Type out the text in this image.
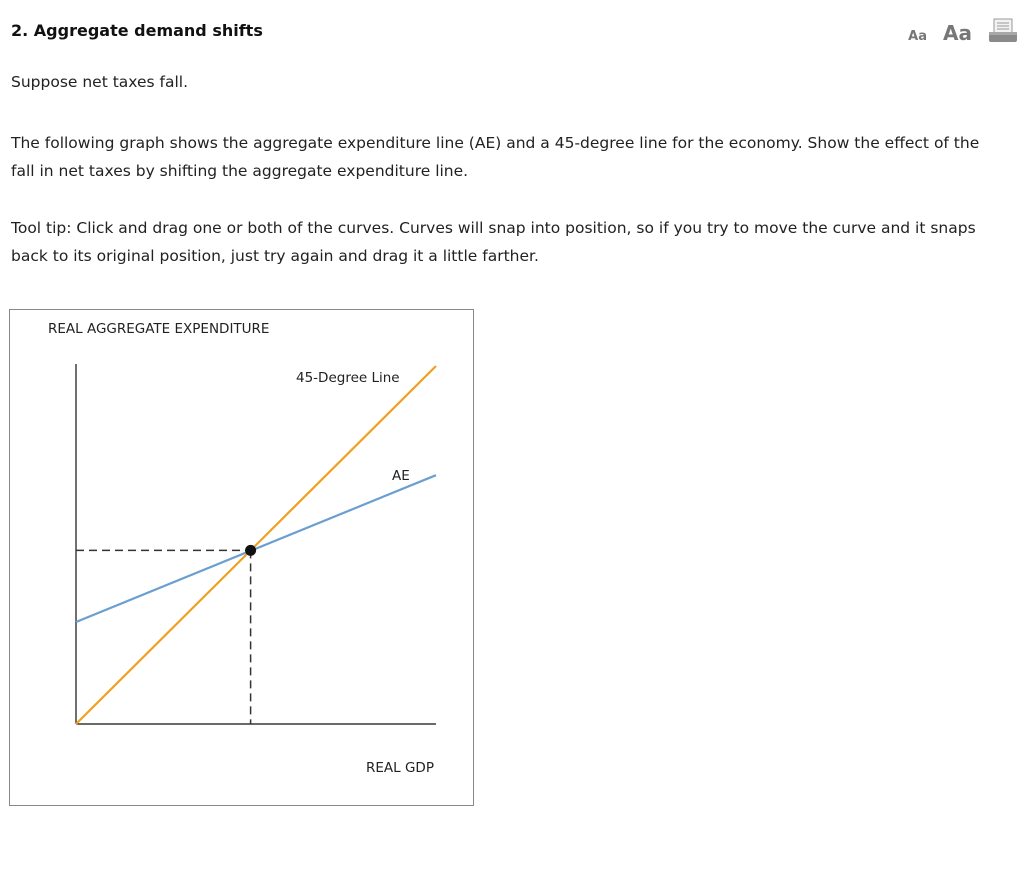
2. Aggregate demand shifts	Aa Aa
Suppose net taxes fall.
The following graph shows the aggregate expenditure line (AE) and a 45-degree line for the economy. Show the effect of the fall in net taxes by shifting the aggregate expenditure line.
Tool tip: Click and drag one or both of the curves. Curves will snap into position, so if you try to move the curve and it snaps back to its original position, just try again and drag it a little farther.
REAL AGGREGATE EXPENDITURE
REAL GDP
45-Degree Line
AE
